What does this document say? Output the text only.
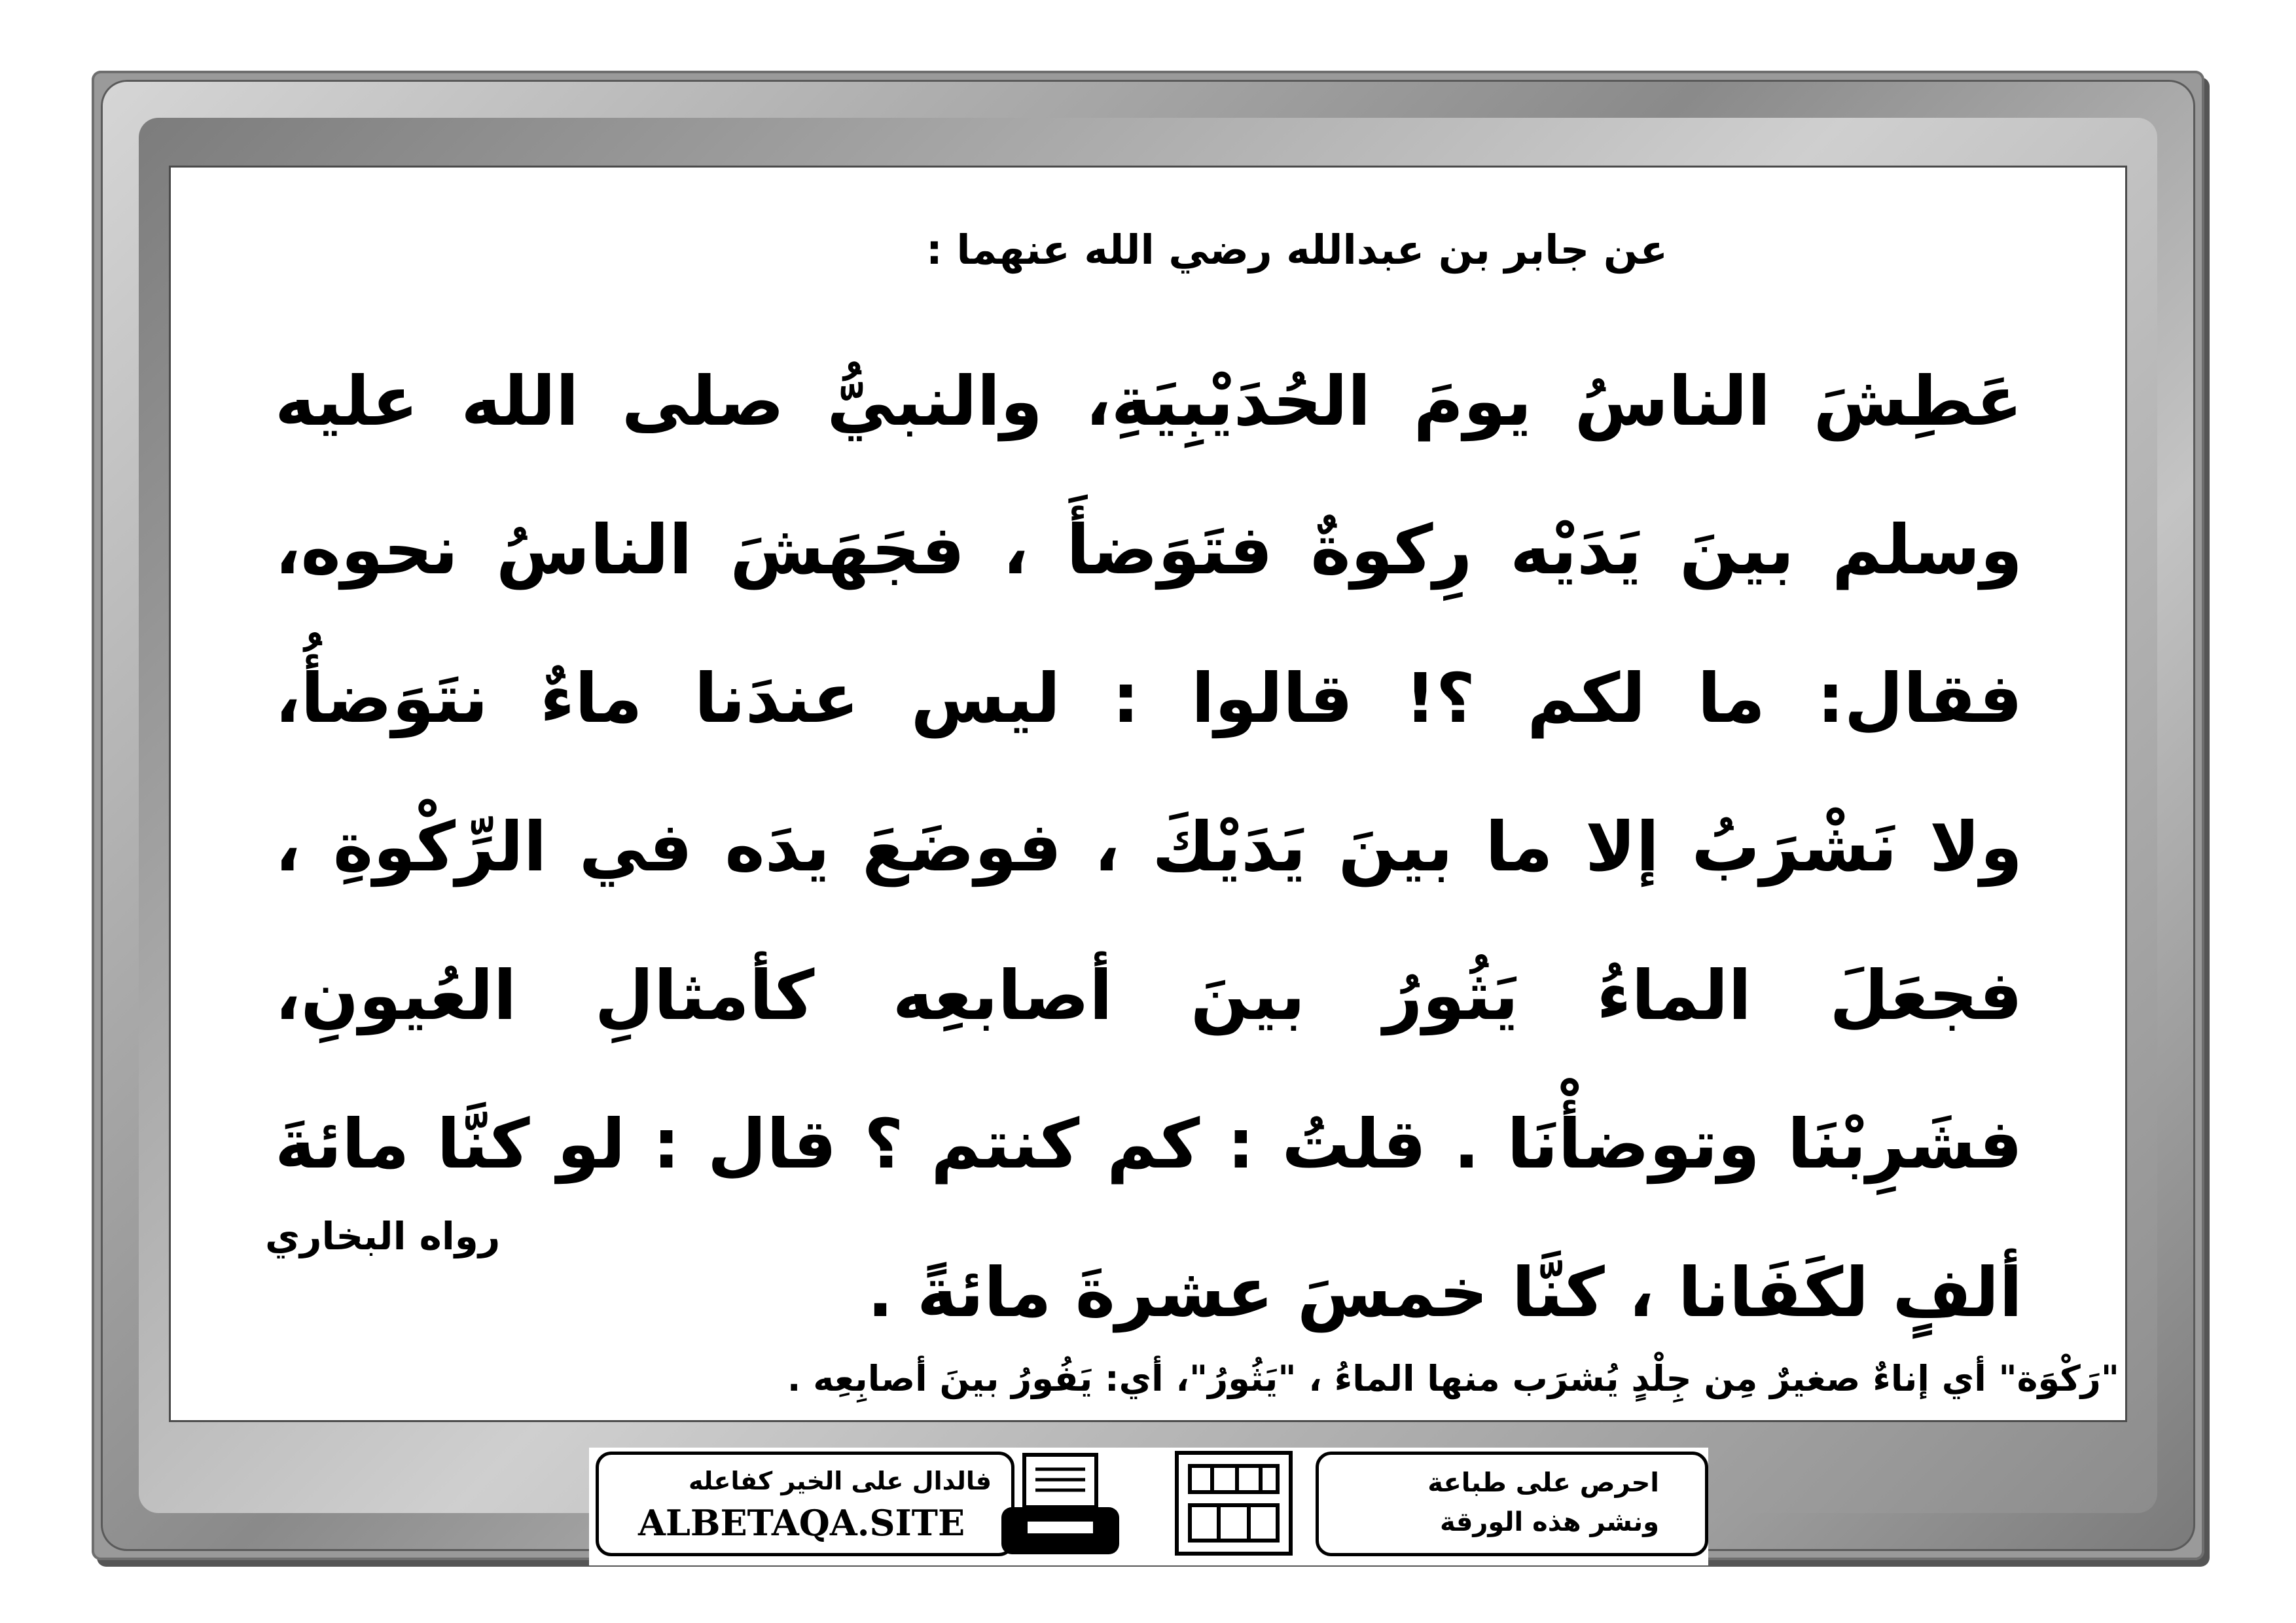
عن جابر بن عبدالله رضي الله عنهما :
عَطِشَ الناسُ يومَ الحُدَيْبِيَةِ، والنبيُّ صلى الله عليه
وسلم بينَ يَدَيْه رِكوةٌ فتَوَضأَ ، فجَهَشَ الناسُ نحوه،
فقال: ما لكم ؟! قالوا : ليس عندَنا ماءٌ نتَوَضأُ،
ولا نَشْرَبُ إلا ما بينَ يَدَيْكَ ، فوضَعَ يدَه في الرِّكْوةِ ،
فجعَلَ الماءُ يَثُورُ بينَ أصابعِه كأمثالِ العُيونِ،
فشَرِبْنَا وتوضأْنَا . قلتُ : كم كنتم ؟ قال : لو كنَّا مائةَ
ألفٍ لكَفَانا ، كنَّا خمسَ عشرةَ مائةً .
رواه البخاري
"رَكْوَة" أي إناءٌ صغيرٌ مِن جِلْدٍ يُشرَب منها الماءُ ، "يَثُورُ"، أي: يَفُورُ بينَ أصابِعِه .
فالدال على الخير كفاعله
ALBETAQA.SITE
احرص على طباعة
ونشر هذه الورقة
